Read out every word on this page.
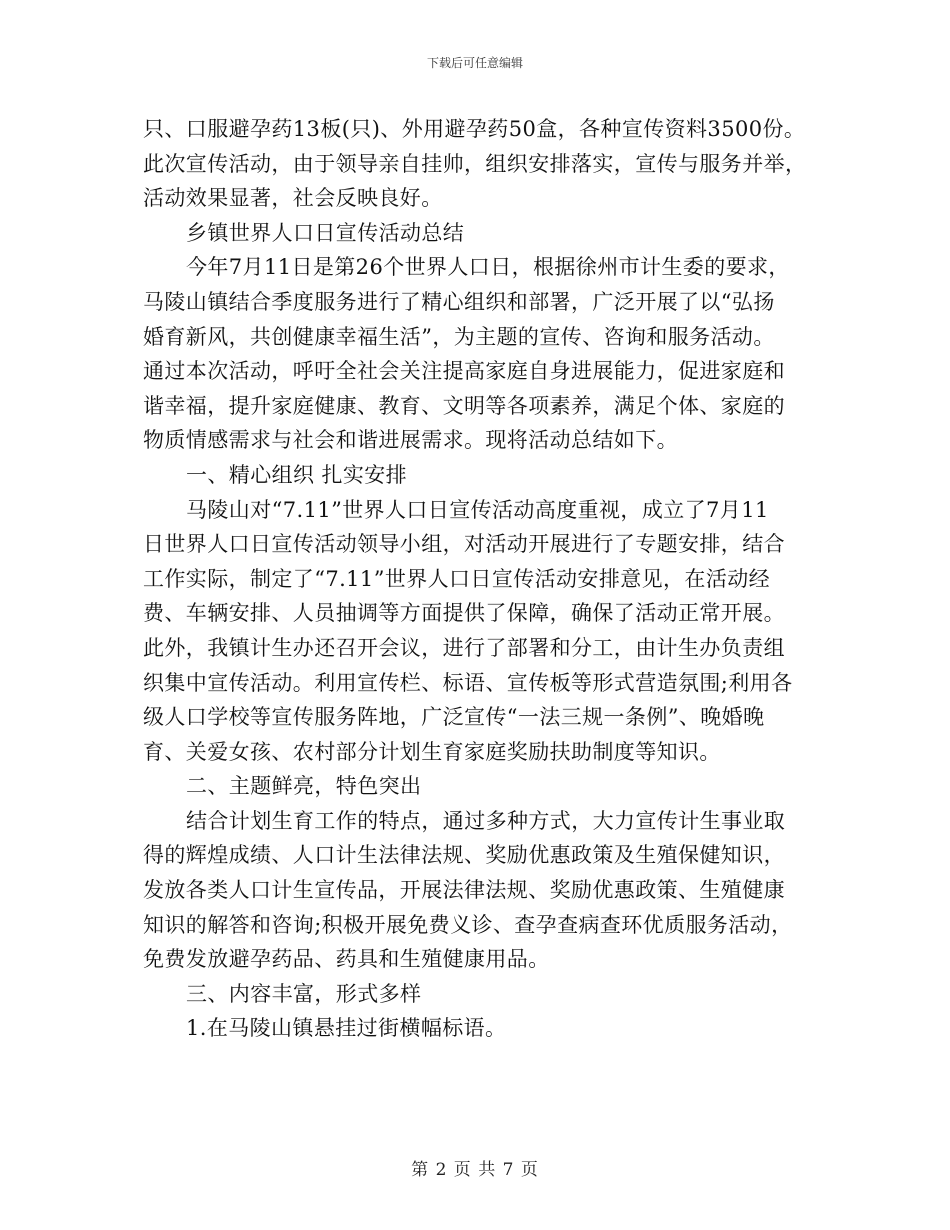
下载后可任意编辑
只、口服避孕药13板(只)、外用避孕药50盒，各种宣传资料3500份。
此次宣传活动，由于领导亲自挂帅，组织安排落实，宣传与服务并举，
活动效果显著，社会反映良好。
乡镇世界人口日宣传活动总结
今年7月11日是第26个世界人口日，根据徐州市计生委的要求，
马陵山镇结合季度服务进行了精心组织和部署，广泛开展了以“弘扬
婚育新风，共创健康幸福生活”，为主题的宣传、咨询和服务活动。
通过本次活动，呼吁全社会关注提高家庭自身进展能力，促进家庭和
谐幸福，提升家庭健康、教育、文明等各项素养，满足个体、家庭的
物质情感需求与社会和谐进展需求。现将活动总结如下。
一、精心组织 扎实安排
马陵山对“7.11”世界人口日宣传活动高度重视，成立了7月11
日世界人口日宣传活动领导小组，对活动开展进行了专题安排，结合
工作实际，制定了“7.11”世界人口日宣传活动安排意见，在活动经
费、车辆安排、人员抽调等方面提供了保障，确保了活动正常开展。
此外，我镇计生办还召开会议，进行了部署和分工，由计生办负责组
织集中宣传活动。利用宣传栏、标语、宣传板等形式营造氛围;利用各
级人口学校等宣传服务阵地，广泛宣传“一法三规一条例”、晚婚晚
育、关爱女孩、农村部分计划生育家庭奖励扶助制度等知识。
二、主题鲜亮，特色突出
结合计划生育工作的特点，通过多种方式，大力宣传计生事业取
得的辉煌成绩、人口计生法律法规、奖励优惠政策及生殖保健知识，
发放各类人口计生宣传品，开展法律法规、奖励优惠政策、生殖健康
知识的解答和咨询;积极开展免费义诊、查孕查病查环优质服务活动，
免费发放避孕药品、药具和生殖健康用品。
三、内容丰富，形式多样
1.在马陵山镇悬挂过街横幅标语。
第 2 页 共 7 页
